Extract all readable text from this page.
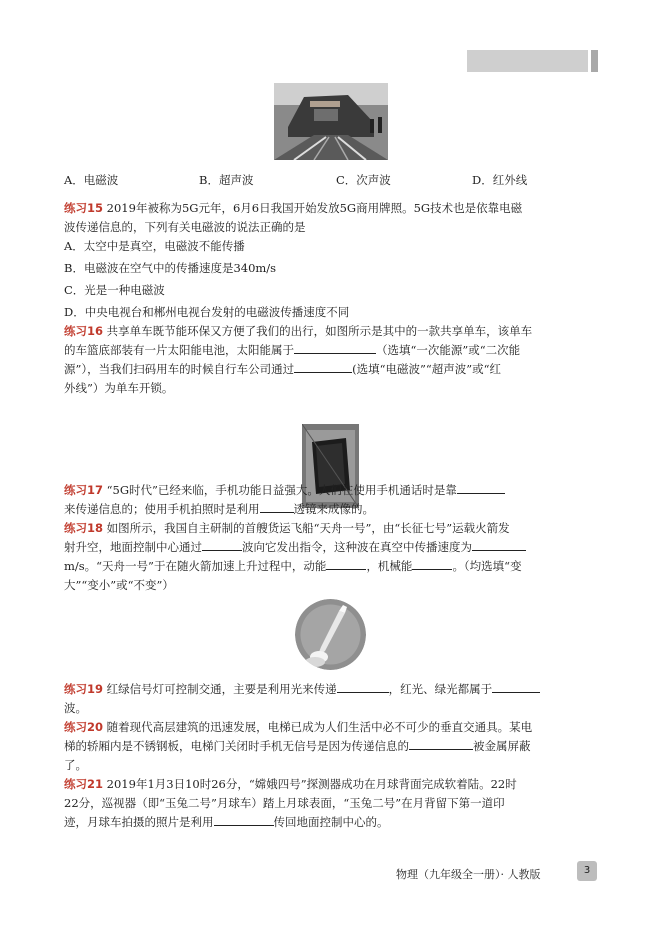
A．电磁波	B．超声波	C．次声波	D．红外线

练习15 2019年被称为5G元年，6月6日我国开始发放5G商用牌照。5G技术也是依靠电磁

波传递信息的，下列有关电磁波的说法正确的是

A．太空中是真空，电磁波不能传播
B．电磁波在空气中的传播速度是340m/s
C．光是一种电磁波
D．中央电视台和郴州电视台发射的电磁波传播速度不同

练习16 共享单车既节能环保又方便了我们的出行，如图所示是其中的一款共享单车，该单车

的车篮底部装有一片太阳能电池，太阳能属于	（选填“一次能源”或“二次能

源”），当我们扫码用车的时候自行车公司通过	(选填“电磁波”“超声波”或“红

外线”）为单车开锁。

练习17 “5G时代”已经来临，手机功能日益强大。人们在使用手机通话时是靠

来传递信息的；使用手机拍照时是利用	透镜来成像的。

练习18 如图所示，我国自主研制的首艘货运飞船“天舟一号”，由“长征七号”运载火箭发

射升空，地面控制中心通过	波向它发出指令，这种波在真空中传播速度为

m/s。“天舟一号”于在随火箭加速上升过程中，动能	，机械能	。（均选填“变

大”“变小”或“不变”）

练习19 红绿信号灯可控制交通，主要是利用光来传递	，红光、绿光都属于

波。

练习20 随着现代高层建筑的迅速发展，电梯已成为人们生活中必不可少的垂直交通具。某电

梯的轿厢内是不锈钢板，电梯门关闭时手机无信号是因为传递信息的	被金属屏蔽

了。

练习21 2019年1月3日10时26分，“嫦娥四号”探测器成功在月球背面完成软着陆。22时

22分，巡视器（即“玉兔二号”月球车）踏上月球表面，“玉兔二号”在月背留下第一道印

迹，月球车拍摄的照片是利用	传回地面控制中心的。

物理（九年级全一册）· 人教版	3
